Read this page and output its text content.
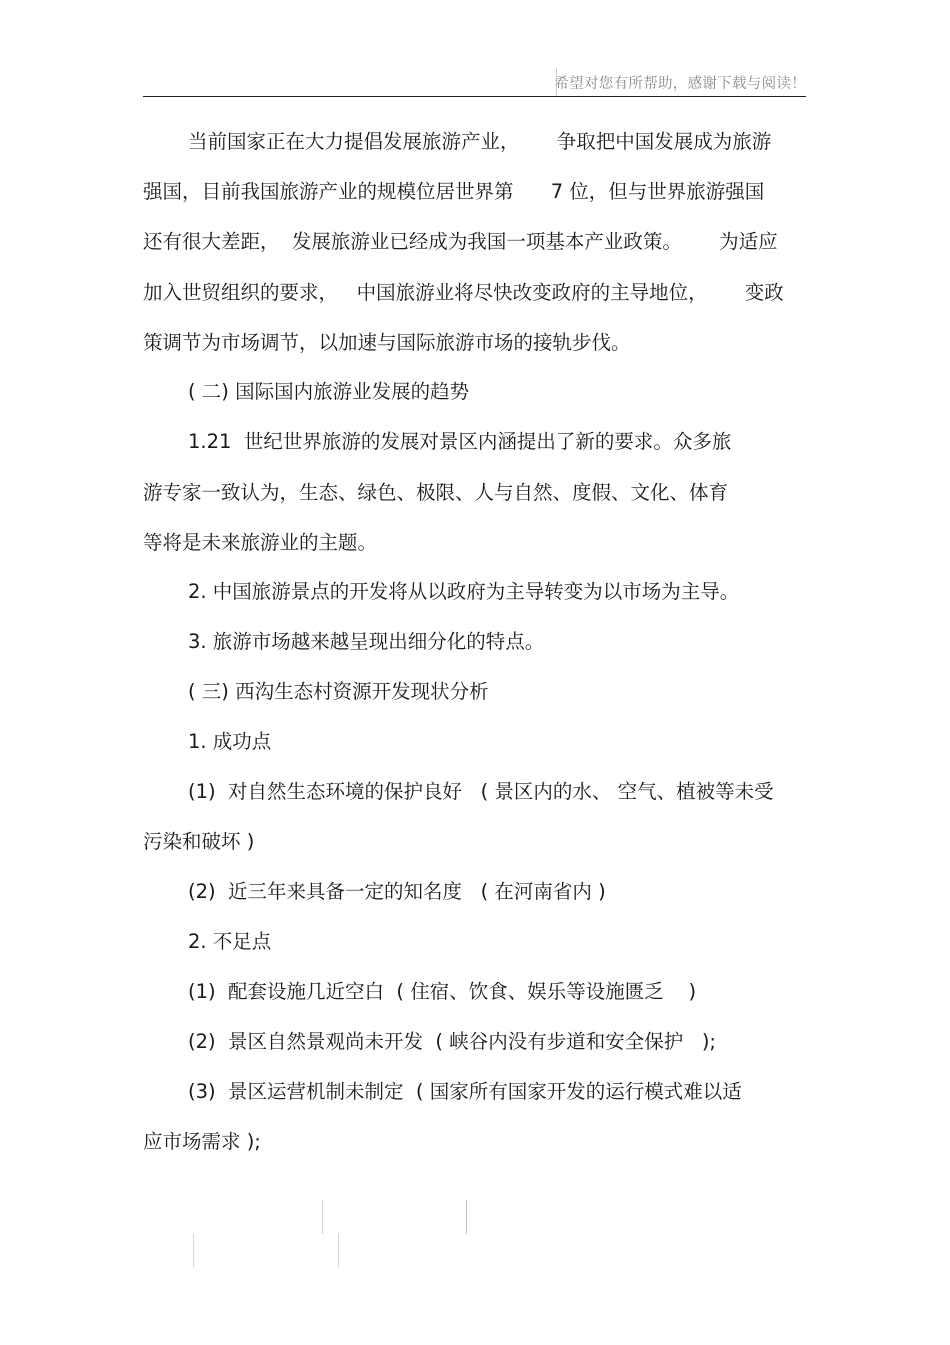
希望对您有所帮助，感谢下载与阅读！
当前国家正在大力提倡发展旅游产业，      争取把中国发展成为旅游
强国，目前我国旅游产业的规模位居世界第      7 位，但与世界旅游强国
还有很大差距，  发展旅游业已经成为我国一项基本产业政策。      为适应
加入世贸组织的要求，   中国旅游业将尽快改变政府的主导地位，      变政
策调节为市场调节，以加速与国际旅游市场的接轨步伐。
( 二) 国际国内旅游业发展的趋势
1.21  世纪世界旅游的发展对景区内涵提出了新的要求。众多旅
游专家一致认为，生态、绿色、极限、人与自然、度假、文化、体育
等将是未来旅游业的主题。
2. 中国旅游景点的开发将从以政府为主导转变为以市场为主导。
3. 旅游市场越来越呈现出细分化的特点。
( 三) 西沟生态村资源开发现状分析
1. 成功点
(1)  对自然生态环境的保护良好   ( 景区内的水、 空气、植被等未受
污染和破坏 )
(2)  近三年来具备一定的知名度   ( 在河南省内 )
2. 不足点
(1)  配套设施几近空白  ( 住宿、饮食、娱乐等设施匮乏    )
(2)  景区自然景观尚未开发  ( 峡谷内没有步道和安全保护   );
(3)  景区运营机制未制定  ( 国家所有国家开发的运行模式难以适
应市场需求 );
